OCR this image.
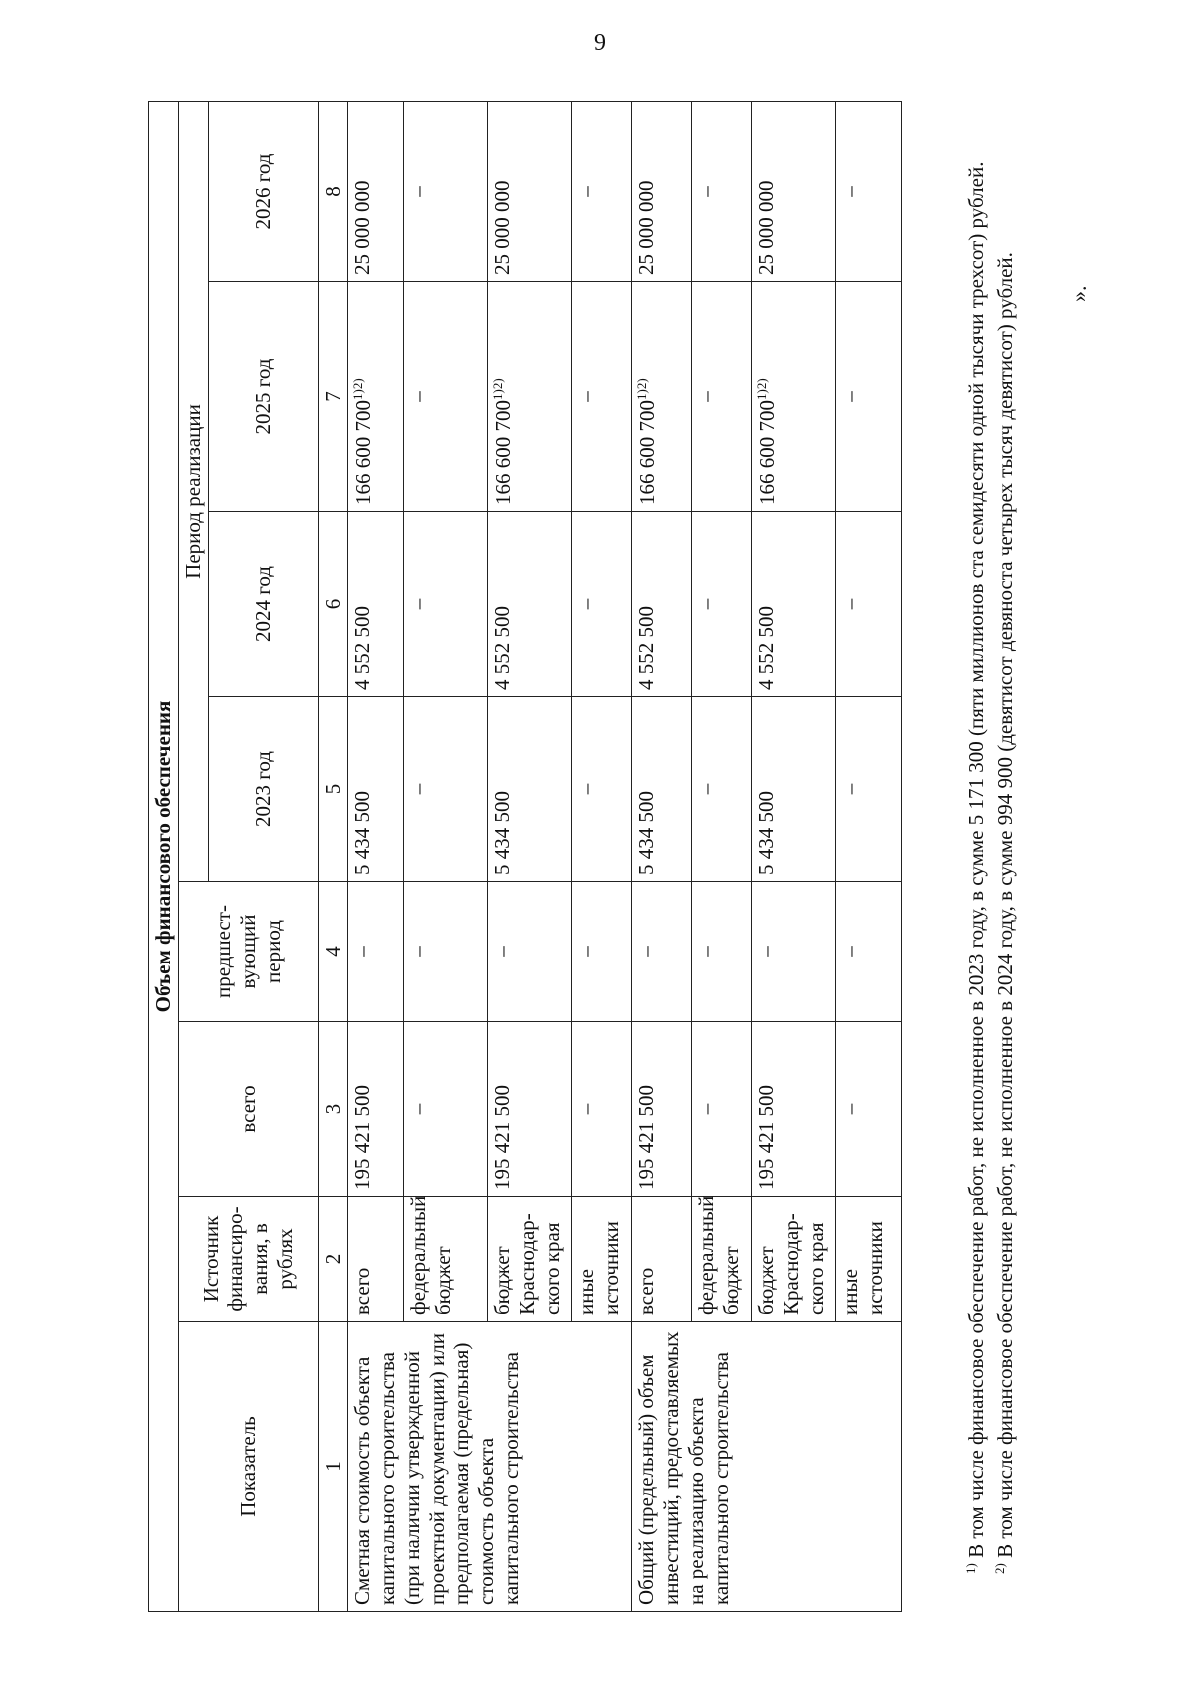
9
Объем финансового обеспечения							
Показатель	Источник финансиро-вания, в рублях	всего	предшест-вующий период	Период реализации			
				2023 год	2024 год	2025 год	2026 год
1	2	3	4	5	6	7	8
Сметная стоимость объекта капитального строительства (при наличии утвержденной проектной документации) или предполагаемая (предельная) стоимость объекта капитального строительства	всего	195 421 500	–	5 434 500	4 552 500	166 600 $700^{1)2)}$	25 000 000
	федеральный бюджет	–	–	–	–	–	–
	бюджет Краснодар-ского края	195 421 500	–	5 434 500	4 552 500	166 600 $700^{1)2)}$	25 000 000
	иные источники	–	–	–	–	–	–
Общий (предельный) объем инвестиций, предоставляемых на реализацию объекта капитального строительства	всего	195 421 500	–	5 434 500	4 552 500	166 600 $700^{1)2)}$	25 000 000
	федеральный бюджет	–	–	–	–	–	–
	бюджет Краснодар-ского края	195 421 500	–	5 434 500	4 552 500	166 600 $700^{1)2)}$	25 000 000
	иные источники	–	–	–	–	–	–

$^{1)}$ В том числе финансовое обеспечение работ, не исполненное в 2023 году, в сумме 5 171 300 (пяти миллионов ста семидесяти одной тысячи трехсот) рублей.

$^{2)}$ В том числе финансовое обеспечение работ, не исполненное в 2024 году, в сумме 994 900 (девятисот девяноста четырех тысяч девятисот) рублей. ».
